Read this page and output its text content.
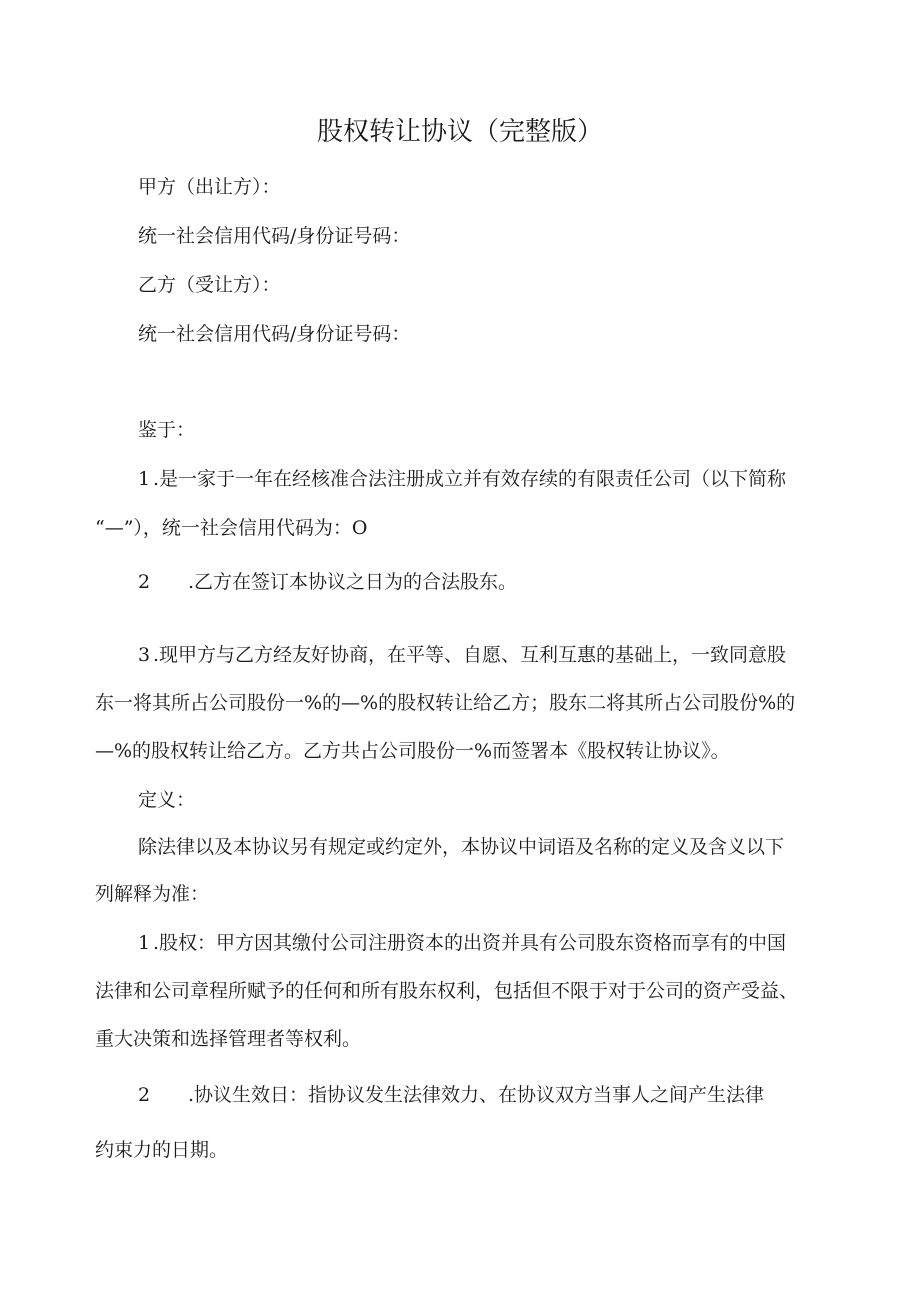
股权转让协议（完整版）
甲方（出让方）：
统一社会信用代码/身份证号码：
乙方（受让方）：
统一社会信用代码/身份证号码：
鉴于：
1 .是一家于一年在经核准合法注册成立并有效存续的有限责任公司（以下简称
“—”），统一社会信用代码为：O
2 .乙方在签订本协议之日为的合法股东。
3 .现甲方与乙方经友好协商，在平等、自愿、互利互惠的基础上，一致同意股
东一将其所占公司股份一%的—%的股权转让给乙方；股东二将其所占公司股份%的
—%的股权转让给乙方。乙方共占公司股份一%而签署本《股权转让协议》。
定义：
除法律以及本协议另有规定或约定外，本协议中词语及名称的定义及含义以下
列解释为准：
1 .股权：甲方因其缴付公司注册资本的出资并具有公司股东资格而享有的中国
法律和公司章程所赋予的任何和所有股东权利，包括但不限于对于公司的资产受益、
重大决策和选择管理者等权利。
2 .协议生效日：指协议发生法律效力、在协议双方当事人之间产生法律
约束力的日期。
